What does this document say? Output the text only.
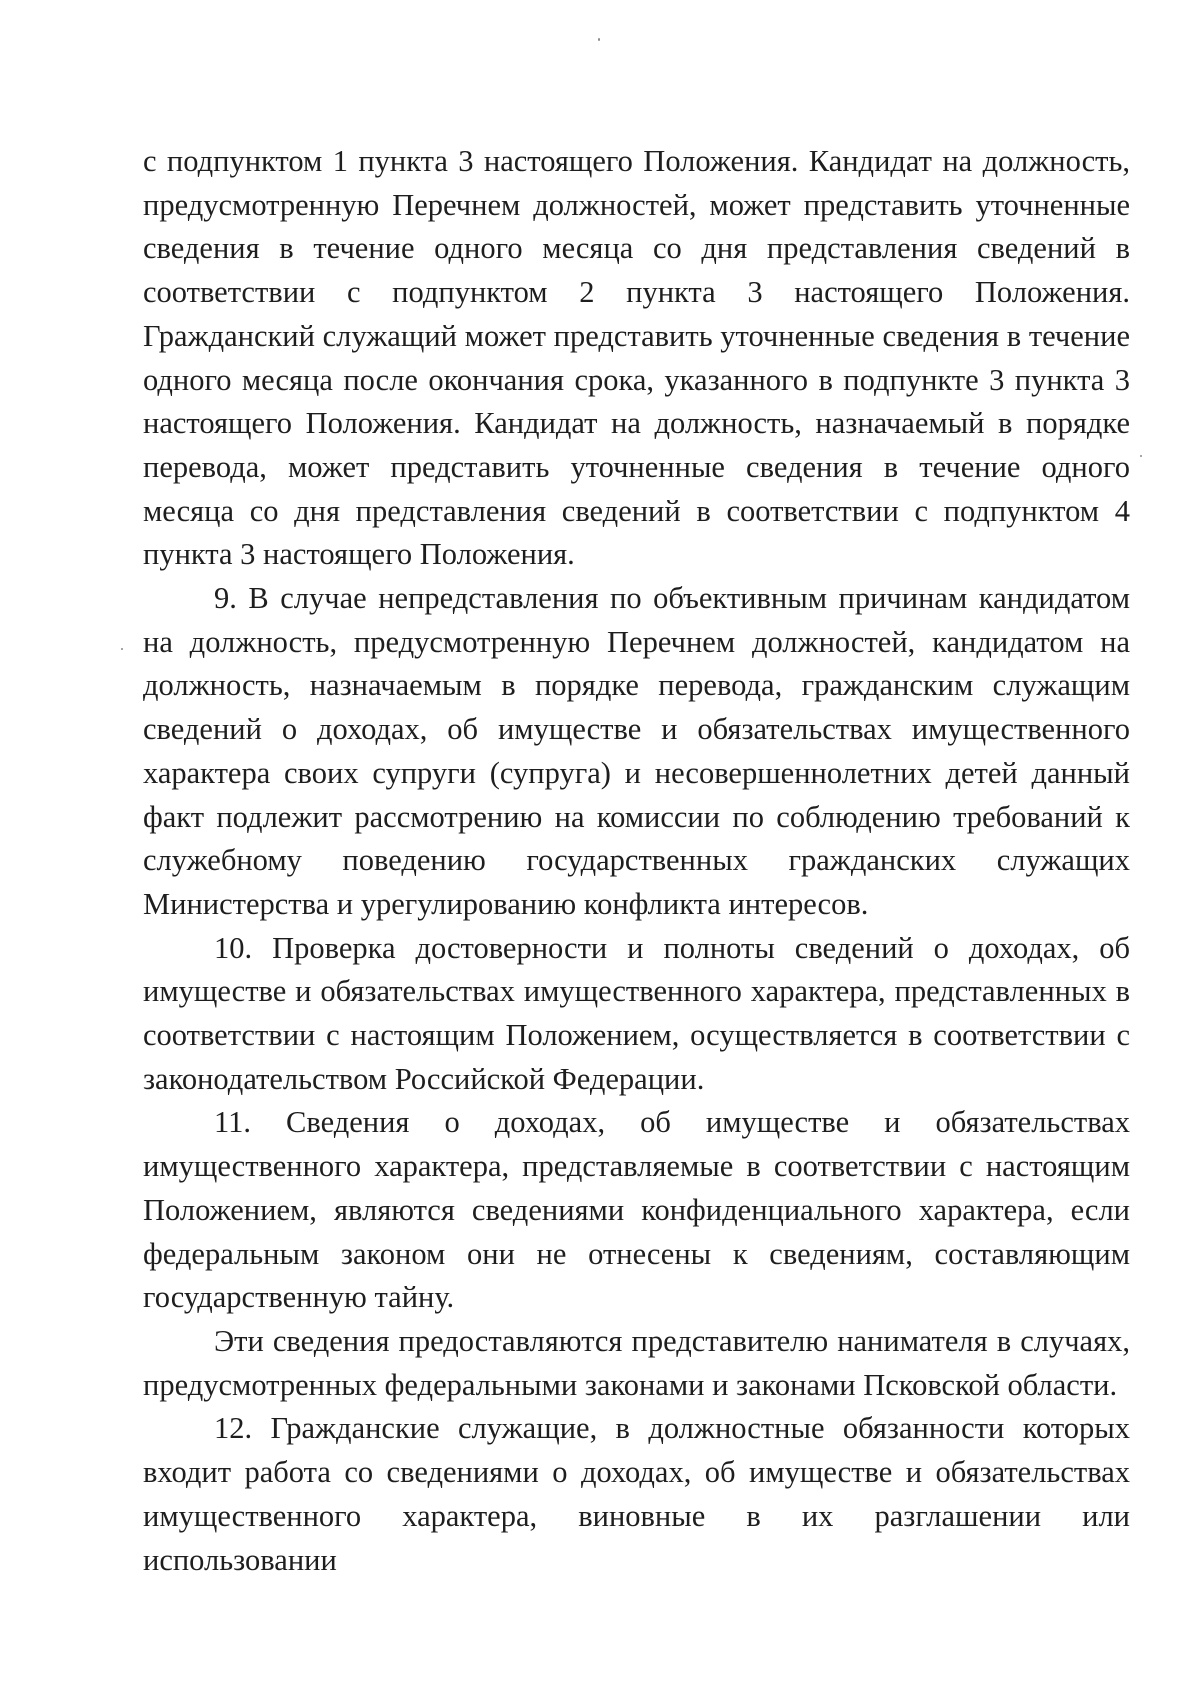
с подпунктом 1 пункта 3 настоящего Положения. Кандидат на должность, предусмотренную Перечнем должностей, может представить уточненные сведения в течение одного месяца со дня представления сведений в соответствии с подпунктом 2 пункта 3 настоящего Положения. Гражданский служащий может представить уточненные сведения в течение одного месяца после окончания срока, указанного в подпункте 3 пункта 3 настоящего Положения. Кандидат на должность, назначаемый в порядке перевода, может представить уточненные сведения в течение одного месяца со дня представления сведений в соответствии с подпунктом 4 пункта 3 настоящего Положения.

9. В случае непредставления по объективным причинам кандидатом на должность, предусмотренную Перечнем должностей, кандидатом на должность, назначаемым в порядке перевода, гражданским служащим сведений о доходах, об имуществе и обязательствах имущественного характера своих супруги (супруга) и несовершеннолетних детей данный факт подлежит рассмотрению на комиссии по соблюдению требований к служебному поведению государственных гражданских служащих Министерства и урегулированию конфликта интересов.

10. Проверка достоверности и полноты сведений о доходах, об имуществе и обязательствах имущественного характера, представленных в соответствии с настоящим Положением, осуществляется в соответствии с законодательством Российской Федерации.

11. Сведения о доходах, об имуществе и обязательствах имущественного характера, представляемые в соответствии с настоящим Положением, являются сведениями конфиденциального характера, если федеральным законом они не отнесены к сведениям, составляющим государственную тайну.

Эти сведения предоставляются представителю нанимателя в случаях, предусмотренных федеральными законами и законами Псковской области.

12. Гражданские служащие, в должностные обязанности которых входит работа со сведениями о доходах, об имуществе и обязательствах имущественного характера, виновные в их разглашении или использовании
